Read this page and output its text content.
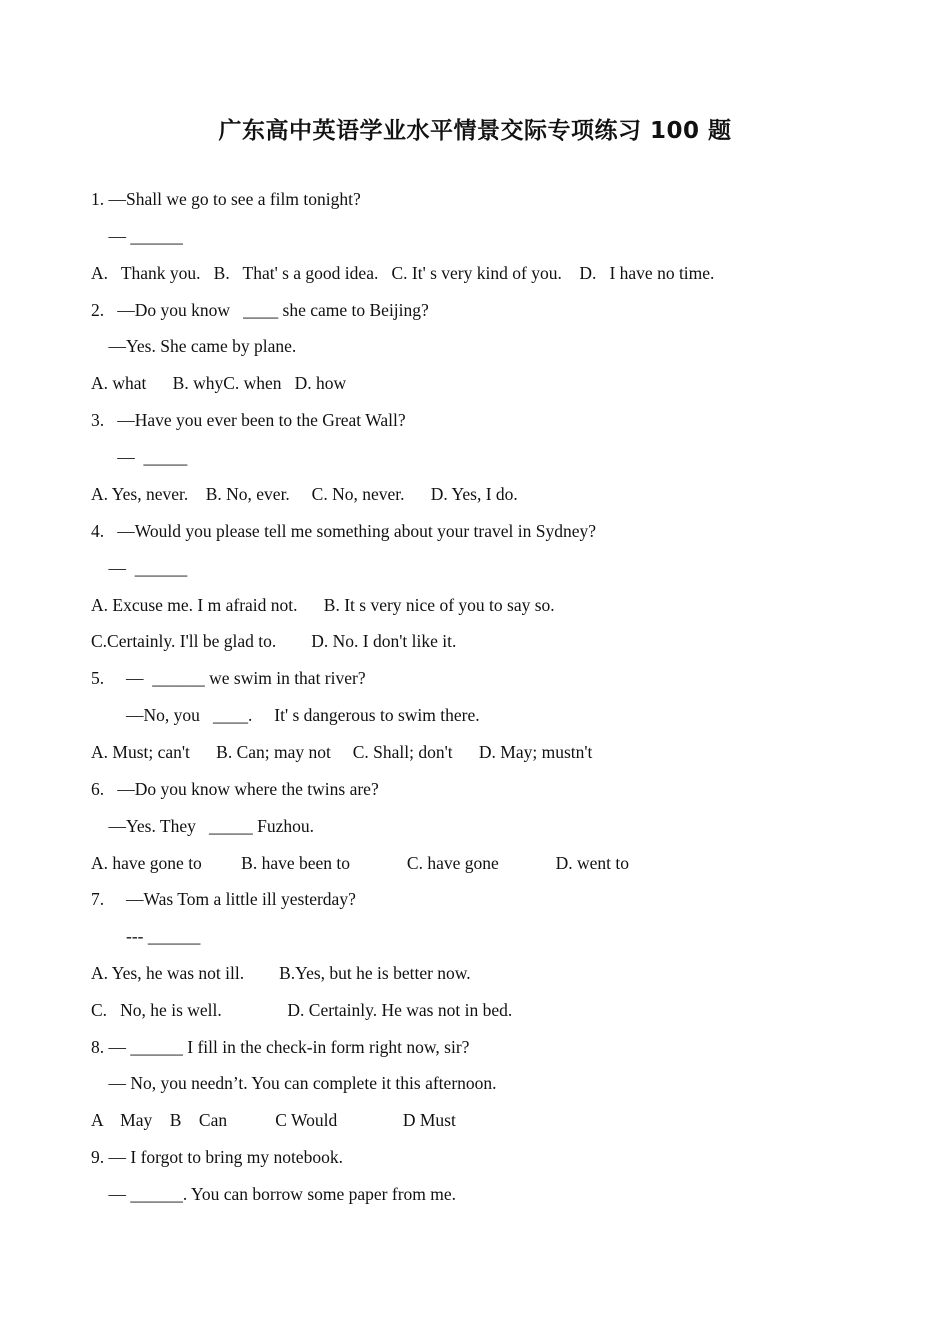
广东高中英语学业水平情景交际专项练习 100 题
1. —Shall we go to see a film tonight?
— ______
A.   Thank you.   B.   That' s a good idea.   C. It' s very kind of you.    D.   I have no time.
2.   —Do you know   ____ she came to Beijing?
—Yes. She came by plane.
A. what      B. whyC. when   D. how
3.   —Have you ever been to the Great Wall?
—  _____
A. Yes, never.    B. No, ever.     C. No, never.      D. Yes, I do.
4.   —Would you please tell me something about your travel in Sydney?
—  ______
A. Excuse me. I m afraid not.      B. It s very nice of you to say so.
C.Certainly. I'll be glad to.        D. No. I don't like it.
5.     —  ______ we swim in that river?
—No, you   ____.     It' s dangerous to swim there.
A. Must; can't      B. Can; may not     C. Shall; don't      D. May; mustn't
6.   —Do you know where the twins are?
—Yes. They   _____ Fuzhou.
A. have gone to         B. have been to             C. have gone             D. went to
7.     —Was Tom a little ill yesterday?
--- ______
A. Yes, he was not ill.        B.Yes, but he is better now.
C.   No, he is well.               D. Certainly. He was not in bed.
8. — ______ I fill in the check-in form right now, sir?
— No, you needn’t. You can complete it this afternoon.
A    May    B    Can           C Would               D Must
9. — I forgot to bring my notebook.
— ______. You can borrow some paper from me.
